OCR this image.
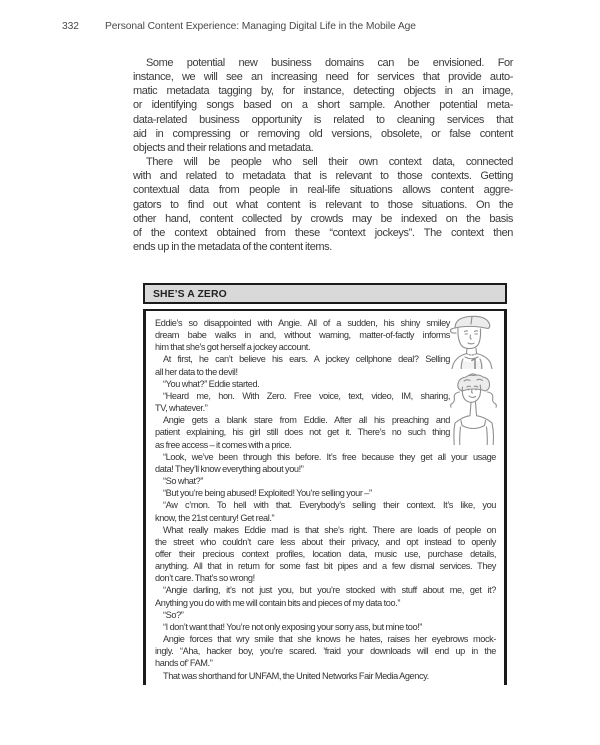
332	Personal Content Experience: Managing Digital Life in the Mobile Age
Some potential new business domains can be envisioned. For
instance, we will see an increasing need for services that provide auto-
matic metadata tagging by, for instance, detecting objects in an image,
or identifying songs based on a short sample. Another potential meta-
data-related business opportunity is related to cleaning services that
aid in compressing or removing old versions, obsolete, or false content
objects and their relations and metadata.
There will be people who sell their own context data, connected
with and related to metadata that is relevant to those contexts. Getting
contextual data from people in real-life situations allows content aggre-
gators to find out what content is relevant to those situations. On the
other hand, content collected by crowds may be indexed on the basis
of the context obtained from these “context jockeys”. The context then
ends up in the metadata of the content items.
SHE’S A ZERO
Eddie’s so disappointed with Angie. All of a sudden, his shiny smiley
dream babe walks in and, without warning, matter-of-factly informs
him that she’s got herself a jockey account.
At first, he can’t believe his ears. A jockey cellphone deal? Selling
all her data to the devil!
“You what?” Eddie started.
“Heard me, hon. With Zero. Free voice, text, video, IM, sharing,
TV, whatever.”
Angie gets a blank stare from Eddie. After all his preaching and
patient explaining, his girl still does not get it. There’s no such thing
as free access – it comes with a price.
“Look, we’ve been through this before. It’s free because they get all your usage
data! They’ll know everything about you!”
“So what?”
“But you’re being abused! Exploited! You’re selling your –”
“Aw c’mon. To hell with that. Everybody’s selling their context. It’s like, you
know, the 21st century! Get real.”
What really makes Eddie mad is that she’s right. There are loads of people on
the street who couldn’t care less about their privacy, and opt instead to openly
offer their precious context profiles, location data, music use, purchase details,
anything. All that in return for some fast bit pipes and a few dismal services. They
don’t care. That’s so wrong!
“Angie darling, it’s not just you, but you’re stocked with stuff about me, get it?
Anything you do with me will contain bits and pieces of my data too.”
“So?”
“I don’t want that! You’re not only exposing your sorry ass, but mine too!”
Angie forces that wry smile that she knows he hates, raises her eyebrows mock-
ingly. “Aha, hacker boy, you’re scared. ’fraid your downloads will end up in the
hands of’ FAM.”
That was shorthand for UNFAM, the United Networks Fair Media Agency.
